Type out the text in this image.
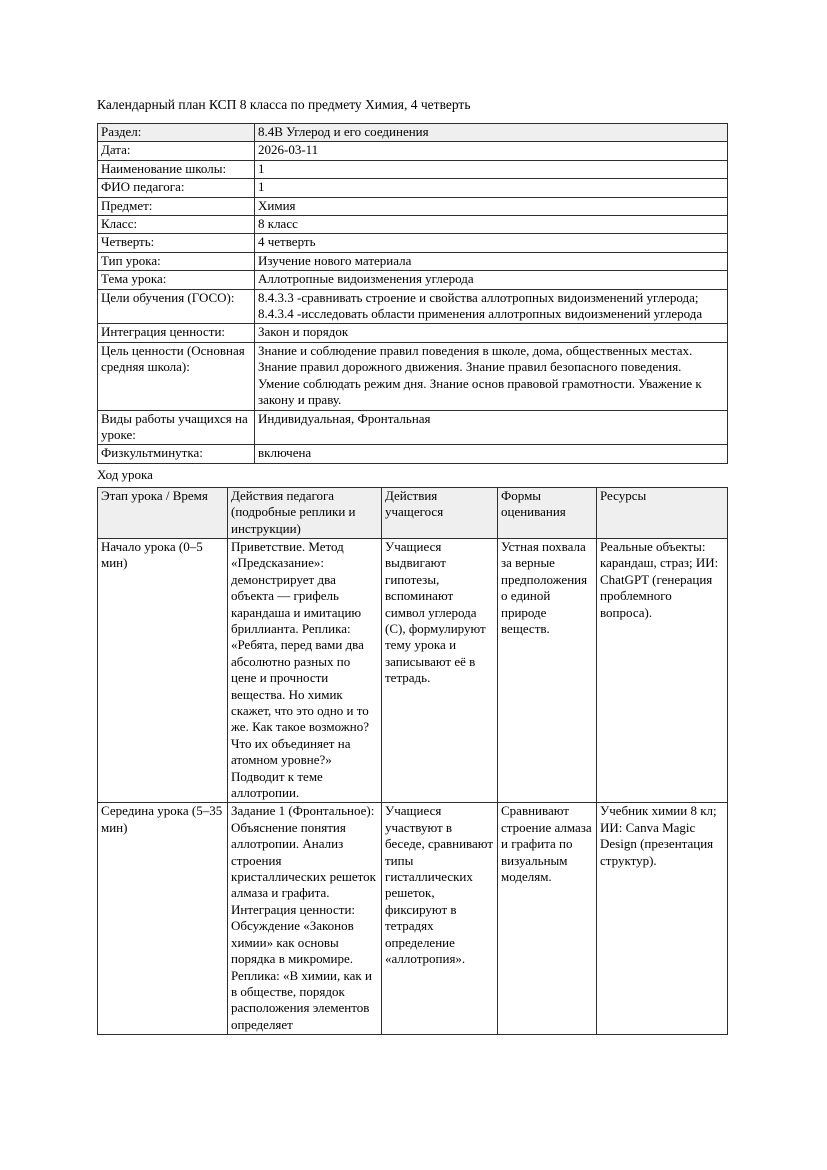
Календарный план КСП 8 класса по предмету Химия, 4 четверть
Раздел:	8.4B Углерод и его соединения
Дата:	2026-03-11
Наименование школы:	1
ФИО педагога:	1
Предмет:	Химия
Класс:	8 класс
Четверть:	4 четверть
Тип урока:	Изучение нового материала
Тема урока:	Аллотропные видоизменения углерода
Цели обучения (ГОСО):	8.4.3.3 -сравнивать строение и свойства аллотропных видоизменений углерода; 8.4.3.4 -исследовать области применения аллотропных видоизменений углерода
Интеграция ценности:	Закон и порядок
Цель ценности (Основная средняя школа):	Знание и соблюдение правил поведения в школе, дома, общественных местах. Знание правил дорожного движения. Знание правил безопасного поведения. Умение соблюдать режим дня. Знание основ правовой грамотности. Уважение к закону и праву.
Виды работы учащихся на уроке:	Индивидуальная, Фронтальная
Физкультминутка:	включена
Ход урока
Этап урока / Время	Действия педагога (подробные реплики и инструкции)	Действия учащегося	Формы оценивания	Ресурсы
Начало урока (0–5 мин)	Приветствие. Метод «Предсказание»: демонстрирует два объекта — грифель карандаша и имитацию бриллианта. Реплика: «Ребята, перед вами два абсолютно разных по цене и прочности вещества. Но химик скажет, что это одно и то же. Как такое возможно? Что их объединяет на атомном уровне?» Подводит к теме аллотропии.	Учащиеся выдвигают гипотезы, вспоминают символ углерода (C), формулируют тему урока и записывают её в тетрадь.	Устная похвала за верные предположения о единой природе веществ.	Реальные объекты: карандаш, страз; ИИ: ChatGPT (генерация проблемного вопроса).
Середина урока (5–35 мин)	Задание 1 (Фронтальное): Объяснение понятия аллотропии. Анализ строения кристаллических решеток алмаза и графита. Интеграция ценности: Обсуждение «Законов химии» как основы порядка в микромире. Реплика: «В химии, как и в обществе, порядок расположения элементов определяет	Учащиеся участвуют в беседе, сравнивают типы гисталлических решеток, фиксируют в тетрадях определение «аллотропия».	Сравнивают строение алмаза и графита по визуальным моделям.	Учебник химии 8 кл; ИИ: Canva Magic Design (презентация структур).
